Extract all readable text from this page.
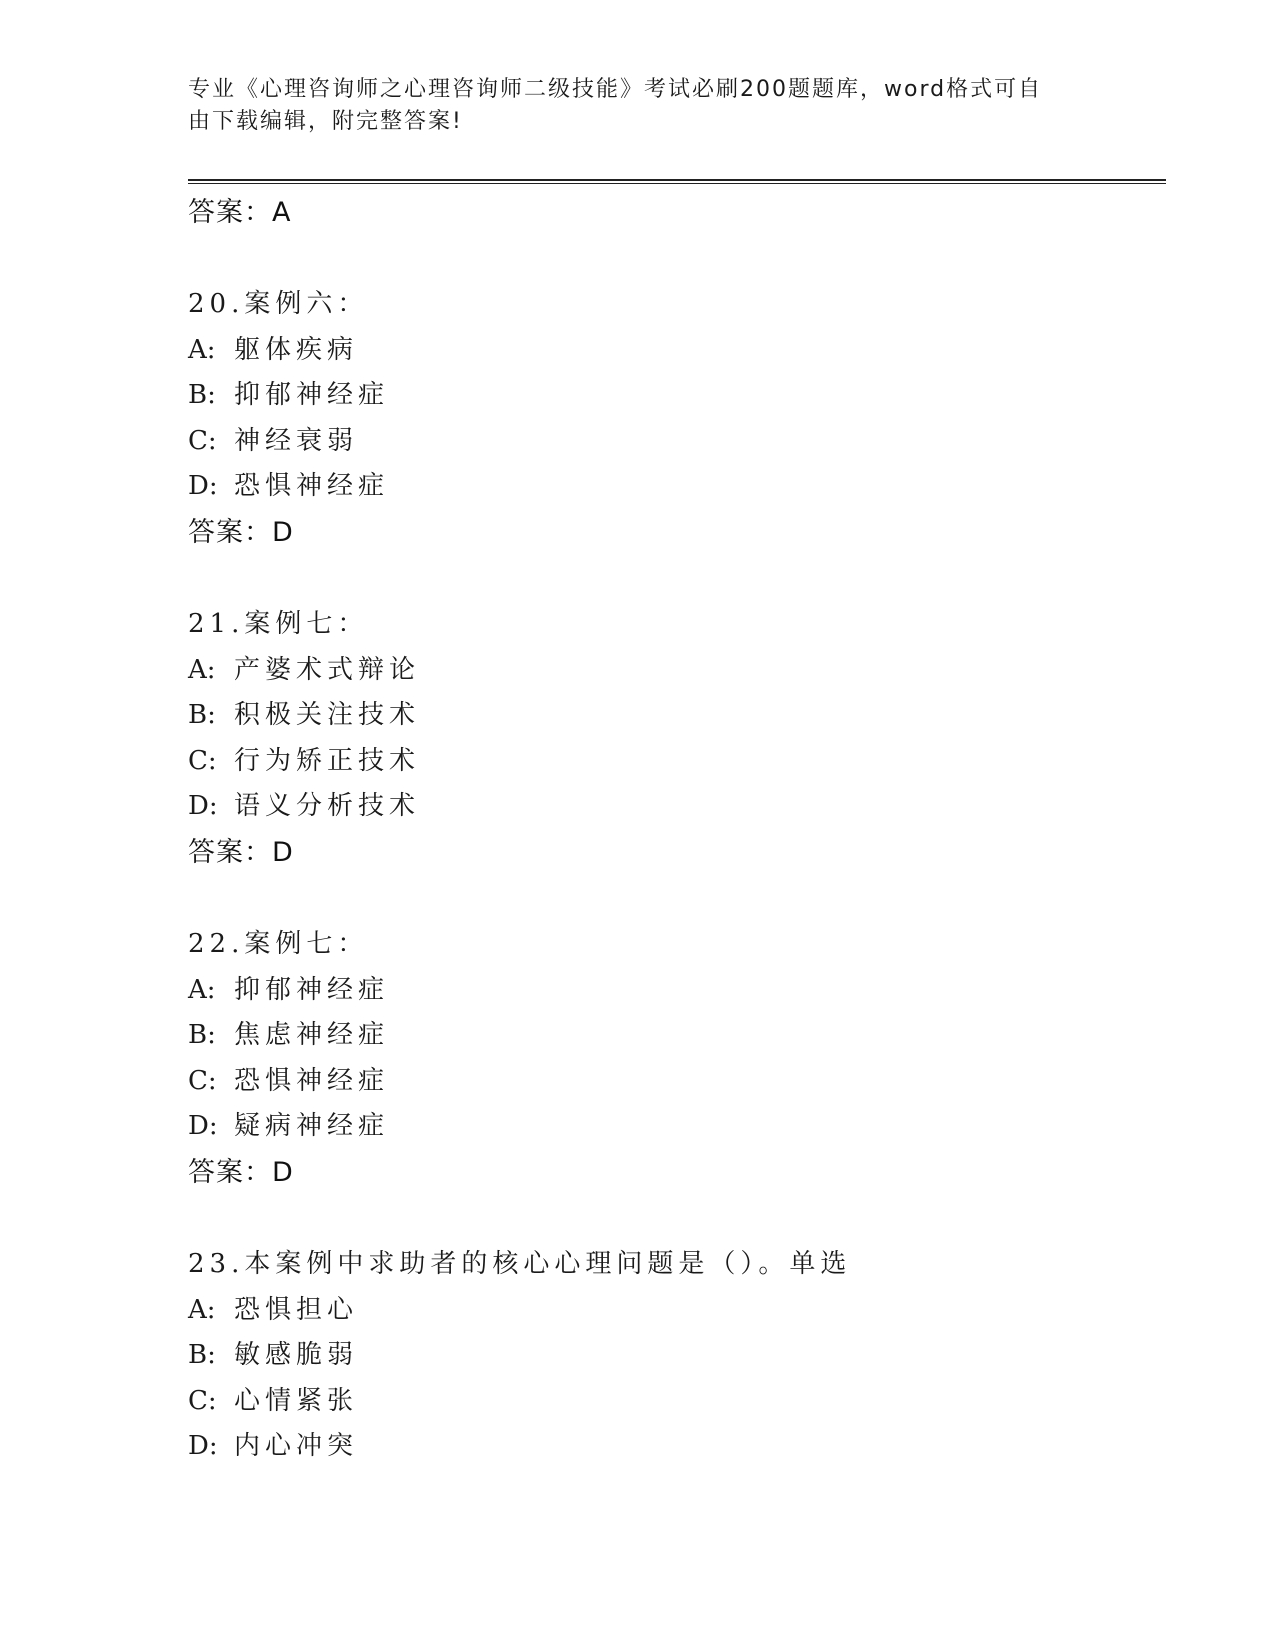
专业《心理咨询师之心理咨询师二级技能》考试必刷200题题库，word格式可自
由下载编辑，附完整答案!
答案：A
20.案例六：
A: 躯体疾病
B: 抑郁神经症
C: 神经衰弱
D: 恐惧神经症
答案：D
21.案例七：
A: 产婆术式辩论
B: 积极关注技术
C: 行为矫正技术
D: 语义分析技术
答案：D
22.案例七：
A: 抑郁神经症
B: 焦虑神经症
C: 恐惧神经症
D: 疑病神经症
答案：D
23.本案例中求助者的核心心理问题是（）。单选
A: 恐惧担心
B: 敏感脆弱
C: 心情紧张
D: 内心冲突
